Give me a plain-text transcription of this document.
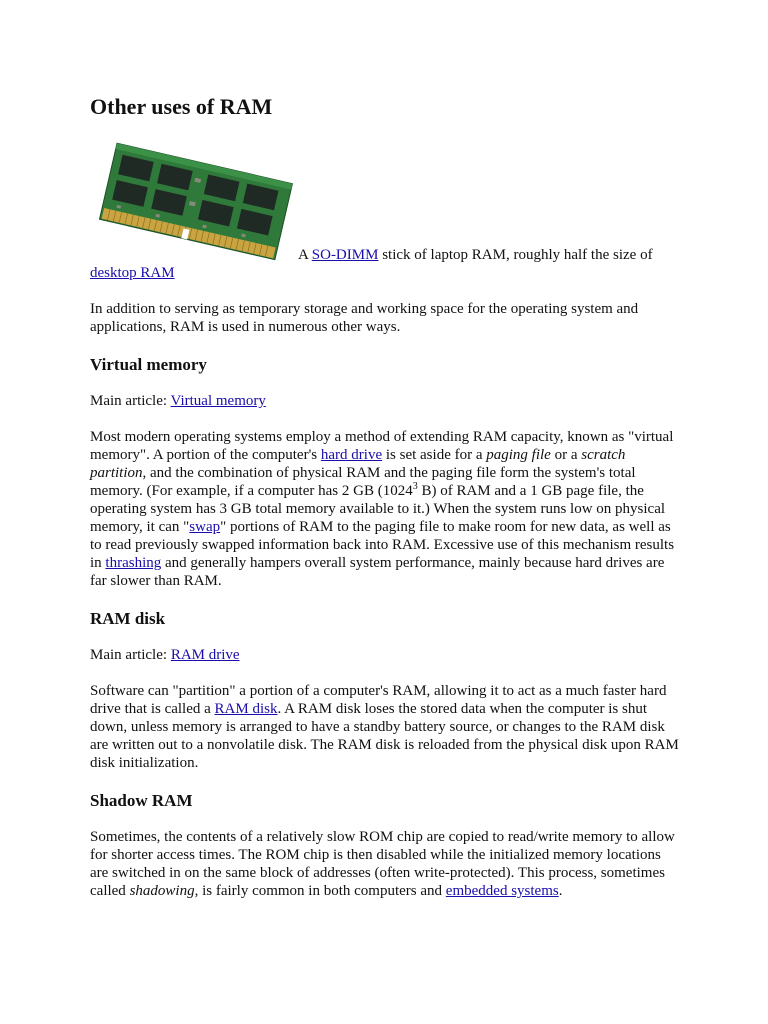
Other uses of RAM
A SO-DIMM stick of laptop RAM, roughly half the size of desktop RAM

In addition to serving as temporary storage and working space for the operating system and applications, RAM is used in numerous other ways.

Virtual memory

Main article: Virtual memory

Most modern operating systems employ a method of extending RAM capacity, known as "virtual memory". A portion of the computer's hard drive is set aside for a paging file or a scratch partition, and the combination of physical RAM and the paging file form the system's total memory. (For example, if a computer has 2 GB (1024$^3$ B) of RAM and a 1 GB page file, the operating system has 3 GB total memory available to it.) When the system runs low on physical memory, it can "swap" portions of RAM to the paging file to make room for new data, as well as to read previously swapped information back into RAM. Excessive use of this mechanism results in thrashing and generally hampers overall system performance, mainly because hard drives are far slower than RAM.

RAM disk

Main article: RAM drive

Software can "partition" a portion of a computer's RAM, allowing it to act as a much faster hard drive that is called a RAM disk. A RAM disk loses the stored data when the computer is shut down, unless memory is arranged to have a standby battery source, or changes to the RAM disk are written out to a nonvolatile disk. The RAM disk is reloaded from the physical disk upon RAM disk initialization.

Shadow RAM

Sometimes, the contents of a relatively slow ROM chip are copied to read/write memory to allow for shorter access times. The ROM chip is then disabled while the initialized memory locations are switched in on the same block of addresses (often write-protected). This process, sometimes called shadowing, is fairly common in both computers and embedded systems.
